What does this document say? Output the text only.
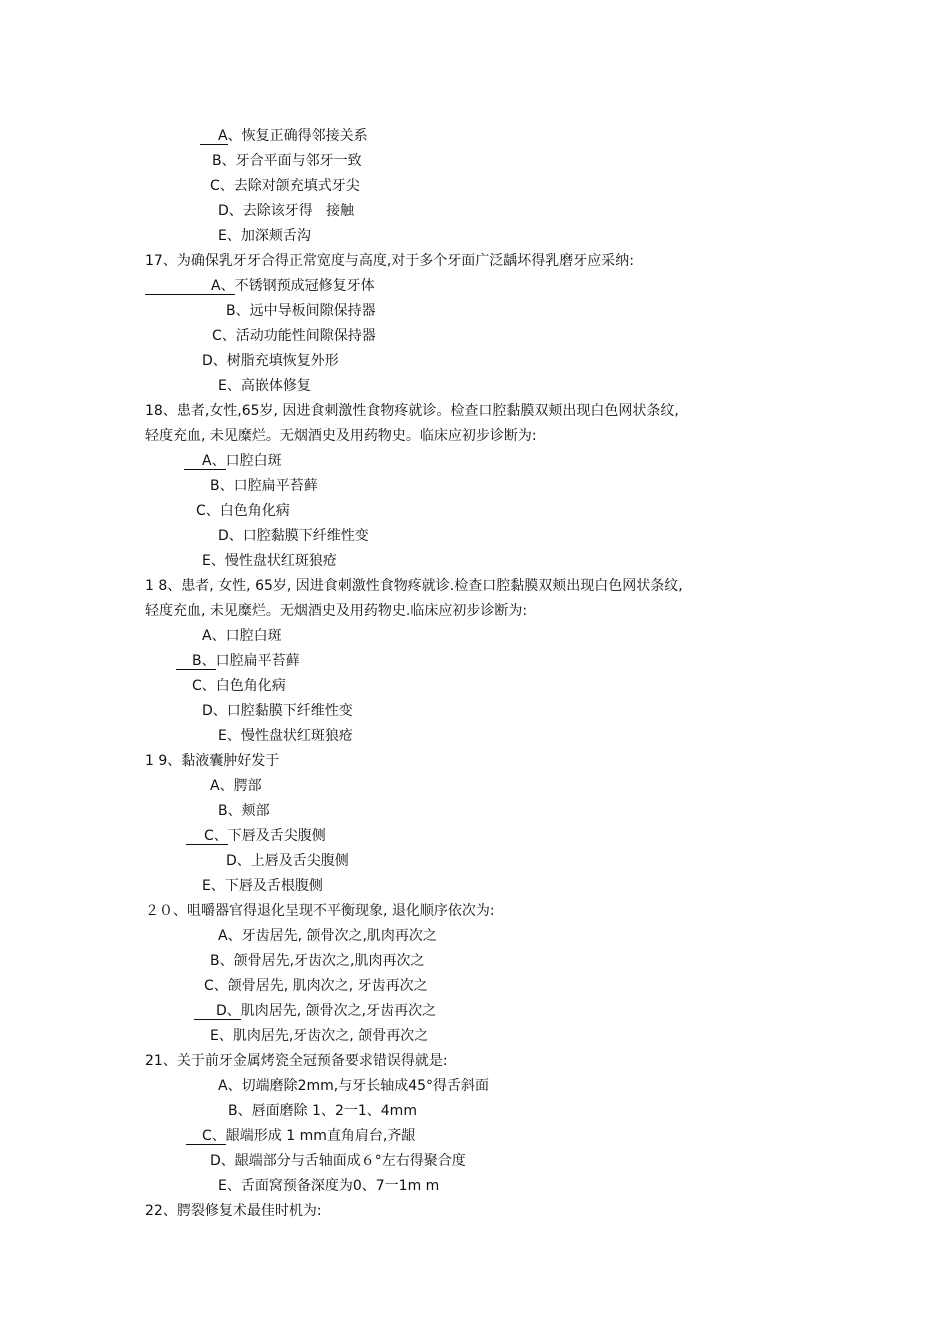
A、恢复正确得邻接关系
B、牙合平面与邻牙一致
C、去除对颌充填式牙尖
D、去除该牙得   接触
E、加深颊舌沟
17、为确保乳牙牙合得正常宽度与高度,对于多个牙面广泛龋坏得乳磨牙应采纳:
A、不锈钢预成冠修复牙体
B、远中导板间隙保持器
C、活动功能性间隙保持器
D、树脂充填恢复外形
E、高嵌体修复
18、患者,女性,65岁, 因进食刺激性食物疼就诊。检查口腔黏膜双颊出现白色网状条纹,
轻度充血, 未见糜烂。无烟酒史及用药物史。临床应初步诊断为:
A、口腔白斑
B、口腔扁平苔藓
C、白色角化病
D、口腔黏膜下纤维性变
E、慢性盘状红斑狼疮
1 8、患者, 女性, 65岁, 因进食刺激性食物疼就诊.检查口腔黏膜双颊出现白色网状条纹,
轻度充血, 未见糜烂。无烟酒史及用药物史.临床应初步诊断为:
A、口腔白斑
B、口腔扁平苔藓
C、白色角化病
D、口腔黏膜下纤维性变
E、慢性盘状红斑狼疮
1 9、黏液囊肿好发于
A、腭部
B、颊部
C、下唇及舌尖腹侧
D、上唇及舌尖腹侧
E、下唇及舌根腹侧
２０、咀嚼器官得退化呈现不平衡现象, 退化顺序依次为:
A、牙齿居先, 颌骨次之,肌肉再次之
B、颌骨居先,牙齿次之,肌肉再次之
C、颌骨居先, 肌肉次之, 牙齿再次之
D、肌肉居先, 颌骨次之,牙齿再次之
E、肌肉居先,牙齿次之, 颌骨再次之
21、关于前牙金属烤瓷全冠预备要求错误得就是:
A、切端磨除2mm,与牙长轴成45°得舌斜面
B、唇面磨除 1、2一1、4mm
C、龈端形成 1 mm直角肩台,齐龈
D、龈端部分与舌轴面成６°左右得聚合度
E、舌面窝预备深度为0、7一1m m
22、腭裂修复术最佳时机为:
